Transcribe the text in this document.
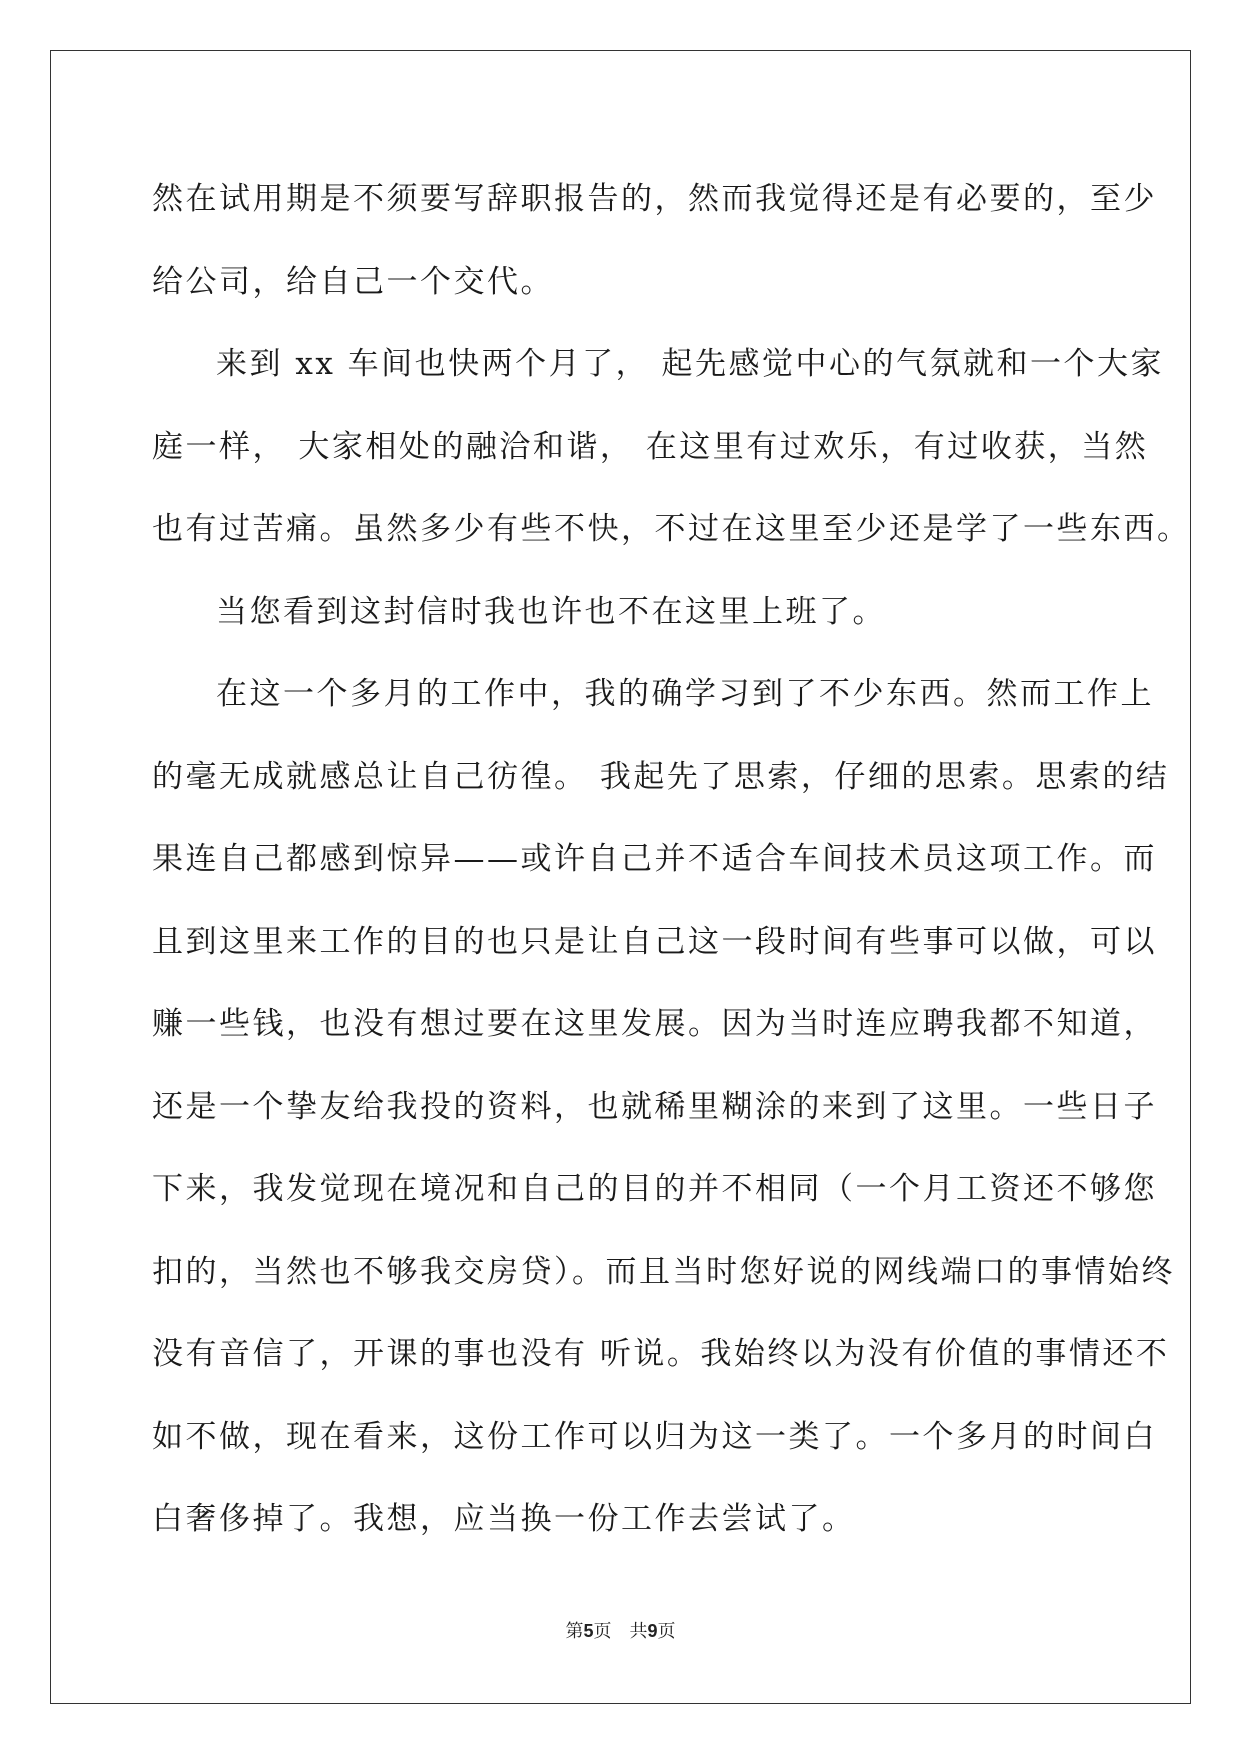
然在试用期是不须要写辞职报告的，然而我觉得还是有必要的，至少
给公司，给自己一个交代。
来到 xx 车间也快两个月了， 起先感觉中心的气氛就和一个大家
庭一样， 大家相处的融洽和谐， 在这里有过欢乐，有过收获，当然
也有过苦痛。虽然多少有些不快，不过在这里至少还是学了一些东西。
当您看到这封信时我也许也不在这里上班了。
在这一个多月的工作中，我的确学习到了不少东西。然而工作上
的毫无成就感总让自己彷徨。 我起先了思索，仔细的思索。思索的结
果连自己都感到惊异——或许自己并不适合车间技术员这项工作。而
且到这里来工作的目的也只是让自己这一段时间有些事可以做，可以
赚一些钱，也没有想过要在这里发展。因为当时连应聘我都不知道，
还是一个挚友给我投的资料，也就稀里糊涂的来到了这里。一些日子
下来，我发觉现在境况和自己的目的并不相同（一个月工资还不够您
扣的，当然也不够我交房贷）。而且当时您好说的网线端口的事情始终
没有音信了，开课的事也没有 听说。我始终以为没有价值的事情还不
如不做，现在看来，这份工作可以归为这一类了。一个多月的时间白
白奢侈掉了。我想，应当换一份工作去尝试了。
第5页 共9页
